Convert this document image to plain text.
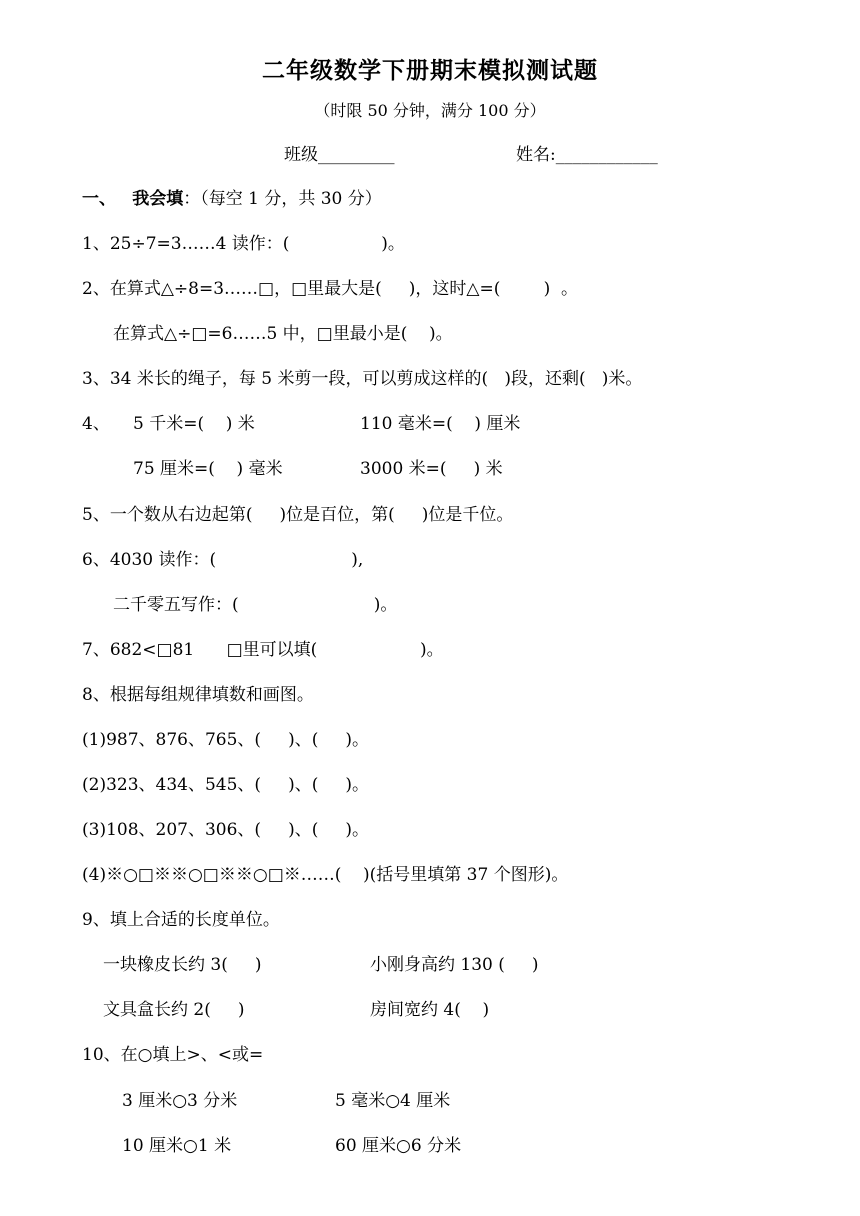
二年级数学下册期末模拟测试题
（时限 50 分钟，满分 100 分）
班级_________	姓名:____________
一、 我会填：（每空 1 分，共 30 分）
1、25÷7=3……4 读作：(                 )。
2、在算式△÷8=3……□，□里最大是(     )，这时△=(        )  。
在算式△÷□=6……5 中，□里最小是(    )。
3、34 米长的绳子，每 5 米剪一段，可以剪成这样的(   )段，还剩(   )米。
4、 5 千米=(    ) 米	110 毫米=(    ) 厘米
75 厘米=(    ) 毫米	3000 米=(     ) 米
5、一个数从右边起第(     )位是百位，第(     )位是千位。
6、4030 读作：(                         ),
二千零五写作：(                         )。
7、682<□81      □里可以填(                   )。
8、根据每组规律填数和画图。
(1)987、876、765、(     )、(     )。
(2)323、434、545、(     )、(     )。
(3)108、207、306、(     )、(     )。
(4)※○□※※○□※※○□※……(    )(括号里填第 37 个图形)。
9、填上合适的长度单位。
一块橡皮长约 3(     )	小刚身高约 130 (     )
文具盒长约 2(     )	房间宽约 4(    )
10、在○填上>、<或=
3 厘米○3 分米	5 毫米○4 厘米
10 厘米○1 米	60 厘米○6 分米
